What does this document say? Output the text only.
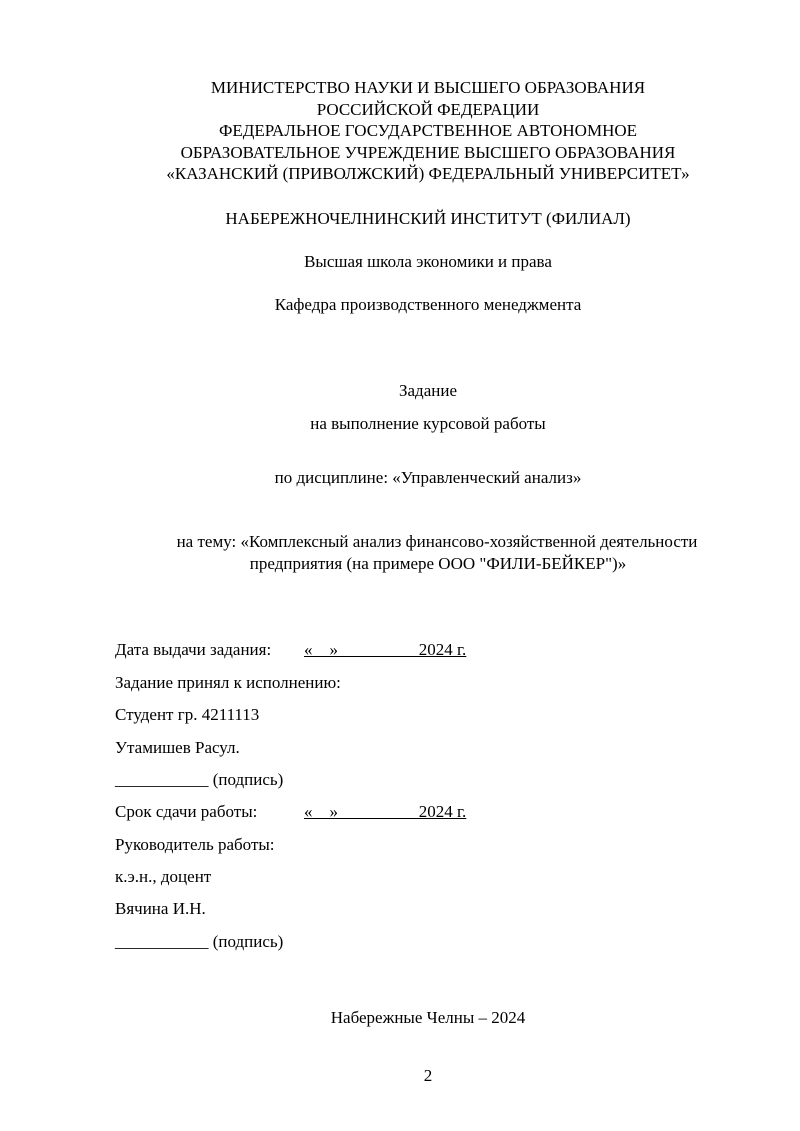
МИНИСТЕРСТВО НАУКИ И ВЫСШЕГО ОБРАЗОВАНИЯ
РОССИЙСКОЙ ФЕДЕРАЦИИ
ФЕДЕРАЛЬНОЕ ГОСУДАРСТВЕННОЕ АВТОНОМНОЕ
ОБРАЗОВАТЕЛЬНОЕ УЧРЕЖДЕНИЕ ВЫСШЕГО ОБРАЗОВАНИЯ
«КАЗАНСКИЙ (ПРИВОЛЖСКИЙ) ФЕДЕРАЛЬНЫЙ УНИВЕРСИТЕТ»
НАБЕРЕЖНОЧЕЛНИНСКИЙ ИНСТИТУТ (ФИЛИАЛ)
Высшая школа экономики и права
Кафедра производственного менеджмента
Задание
на выполнение курсовой работы
по дисциплине: «Управленческий анализ»
на тему: «Комплексный анализ финансово-хозяйственной деятельности
предприятия (на примере ООО "ФИЛИ-БЕЙКЕР")»
Дата выдачи задания: «    »                   2024 г.
Задание принял к исполнению:
Студент гр. 4211113
Утамишев Расул.
___________ (подпись)
Срок сдачи работы:	«    »                   2024 г.
Руководитель работы:
к.э.н., доцент
Вячина И.Н.
___________ (подпись)
Набережные Челны – 2024
2
